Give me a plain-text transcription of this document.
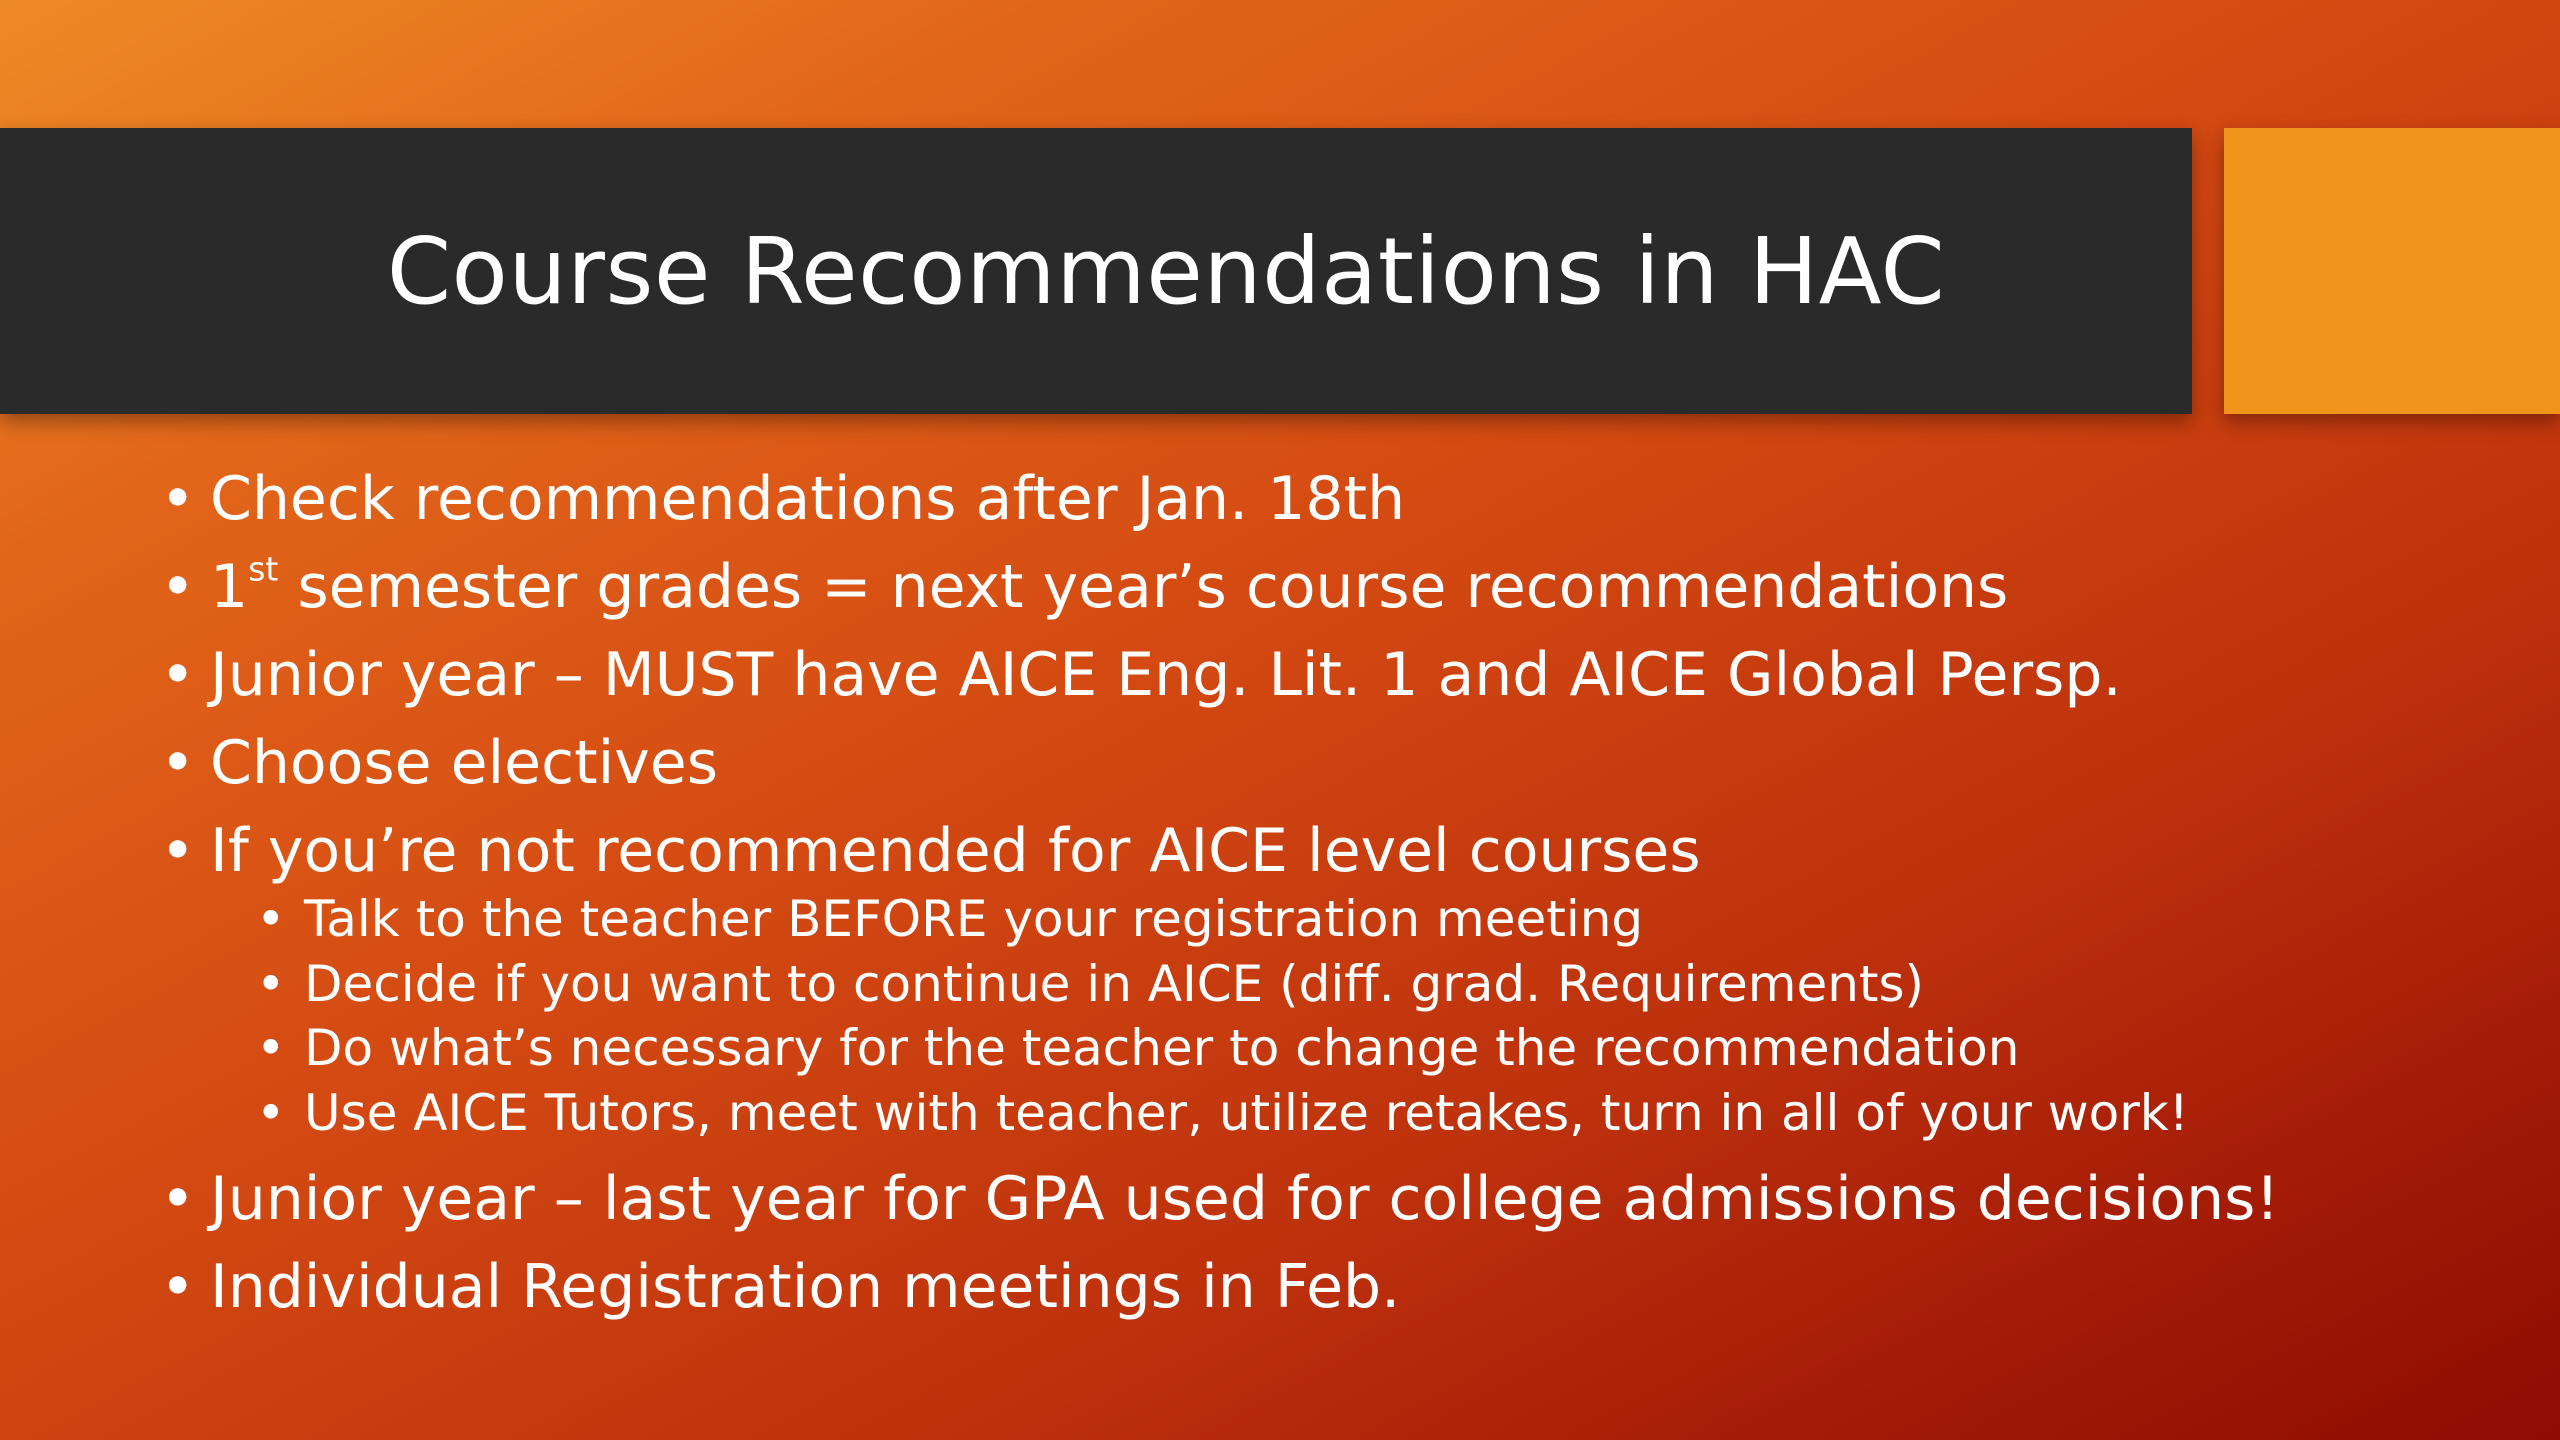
Course Recommendations in HAC
• Check recommendations after Jan. 18th
• 1st semester grades = next year’s course recommendations
• Junior year – MUST have AICE Eng. Lit. 1 and AICE Global Persp.
• Choose electives
• If you’re not recommended for AICE level courses
• Talk to the teacher BEFORE your registration meeting
• Decide if you want to continue in AICE (diff. grad. Requirements)
• Do what’s necessary for the teacher to change the recommendation
• Use AICE Tutors, meet with teacher, utilize retakes, turn in all of your work!
• Junior year – last year for GPA used for college admissions decisions!
• Individual Registration meetings in Feb.
